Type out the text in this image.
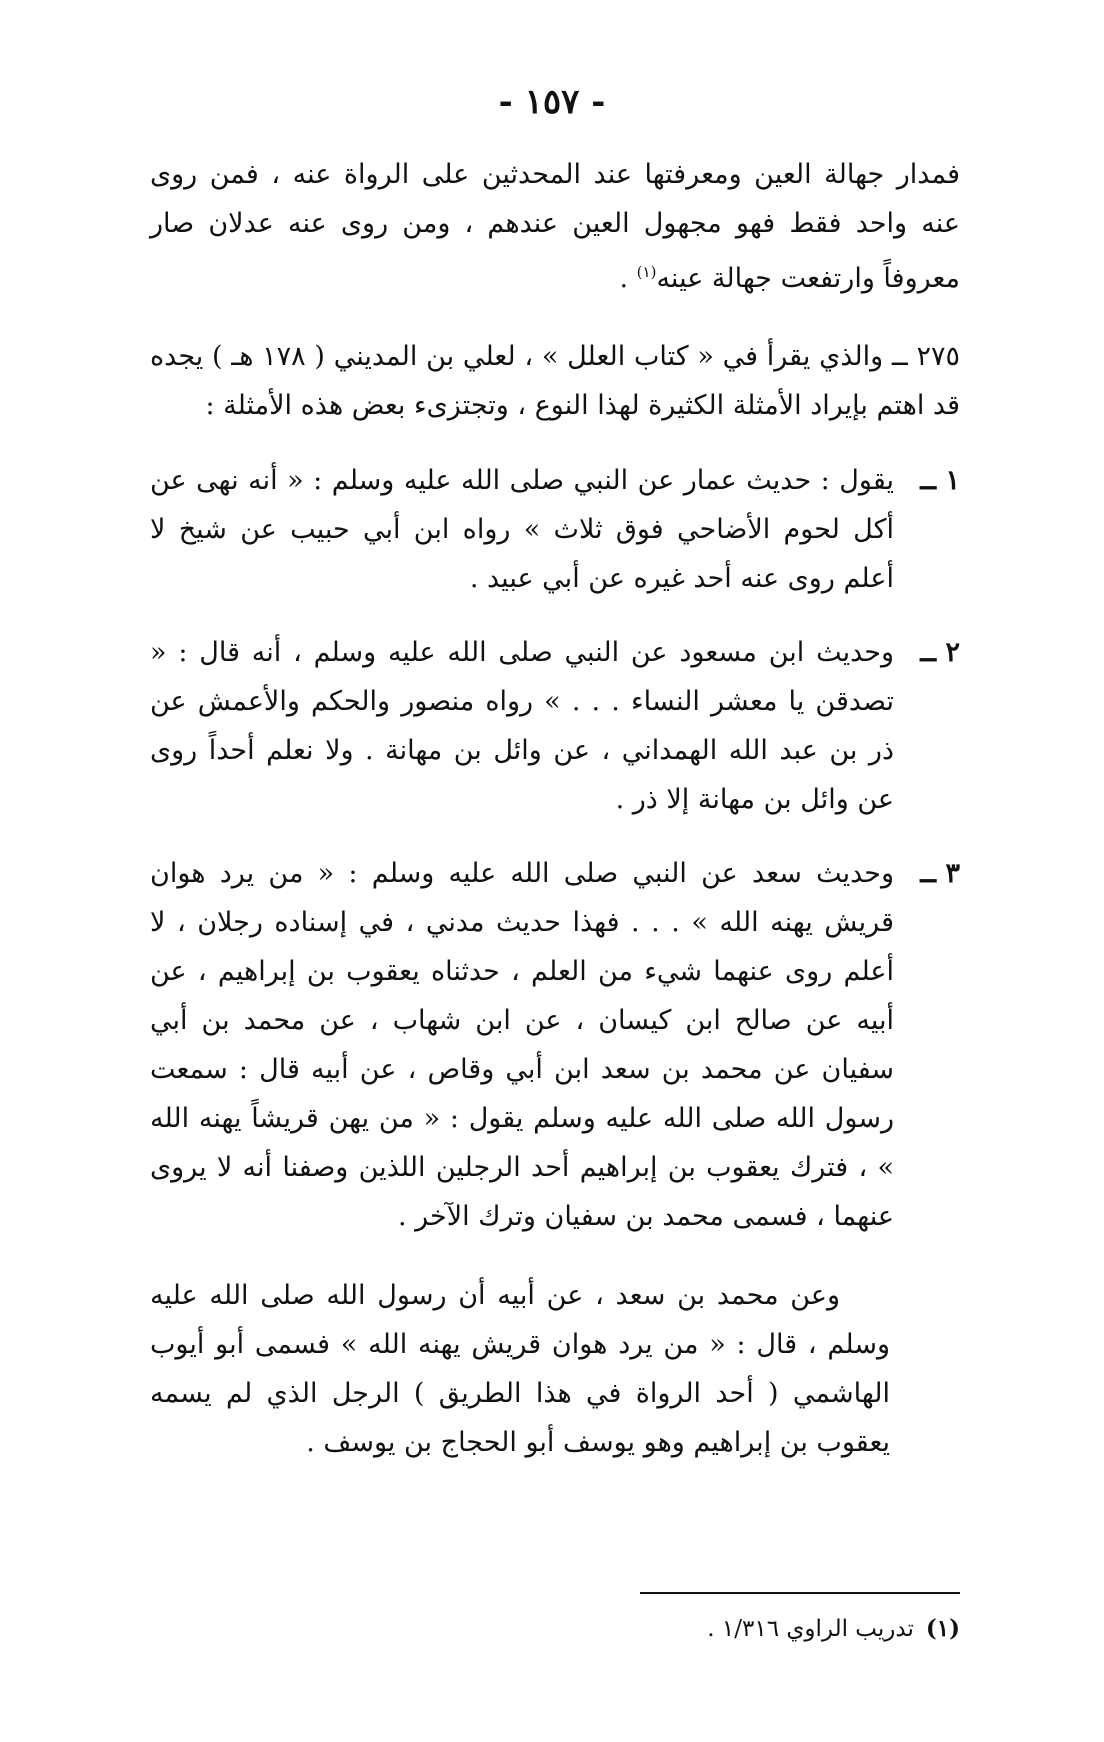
- ١٥٧ -

فمدار جهالة العين ومعرفتها عند المحدثين على الرواة عنه ، فمن روى عنه واحد فقط فهو مجهول العين عندهم ، ومن روى عنه عدلان صار معروفاً وارتفعت جهالة عينه$^{(١)}$ .

٢٧٥ ــ والذي يقرأ في « كتاب العلل » ، لعلي بن المديني ( ١٧٨ هـ ) يجده قد اهتم بإيراد الأمثلة الكثيرة لهذا النوع ، وتجتزىء بعض هذه الأمثلة :

١ ــ
يقول : حديث عمار عن النبي صلى الله عليه وسلم : « أنه نهى عن أكل لحوم الأضاحي فوق ثلاث » رواه ابن أبي حبيب عن شيخ لا أعلم روى عنه أحد غيره عن أبي عبيد .
٢ ــ
وحديث ابن مسعود عن النبي صلى الله عليه وسلم ، أنه قال : « تصدقن يا معشر النساء . . . » رواه منصور والحكم والأعمش عن ذر بن عبد الله الهمداني ، عن وائل بن مهانة . ولا نعلم أحداً روى عن وائل بن مهانة إلا ذر .
٣ ــ
وحديث سعد عن النبي صلى الله عليه وسلم : « من يرد هوان قريش يهنه الله » . . . فهذا حديث مدني ، في إسناده رجلان ، لا أعلم روى عنهما شيء من العلم ، حدثناه يعقوب بن إبراهيم ، عن أبيه عن صالح ابن كيسان ، عن ابن شهاب ، عن محمد بن أبي سفيان عن محمد بن سعد ابن أبي وقاص ، عن أبيه قال : سمعت رسول الله صلى الله عليه وسلم يقول : « من يهن قريشاً يهنه الله » ، فترك يعقوب بن إبراهيم أحد الرجلين اللذين وصفنا أنه لا يروى عنهما ، فسمى محمد بن سفيان وترك الآخر .

وعن محمد بن سعد ، عن أبيه أن رسول الله صلى الله عليه وسلم ، قال : « من يرد هوان قريش يهنه الله » فسمى أبو أيوب الهاشمي ( أحد الرواة في هذا الطريق ) الرجل الذي لم يسمه يعقوب بن إبراهيم وهو يوسف أبو الحجاج بن يوسف .

(١)تدريب الراوي ١/٣١٦ .
